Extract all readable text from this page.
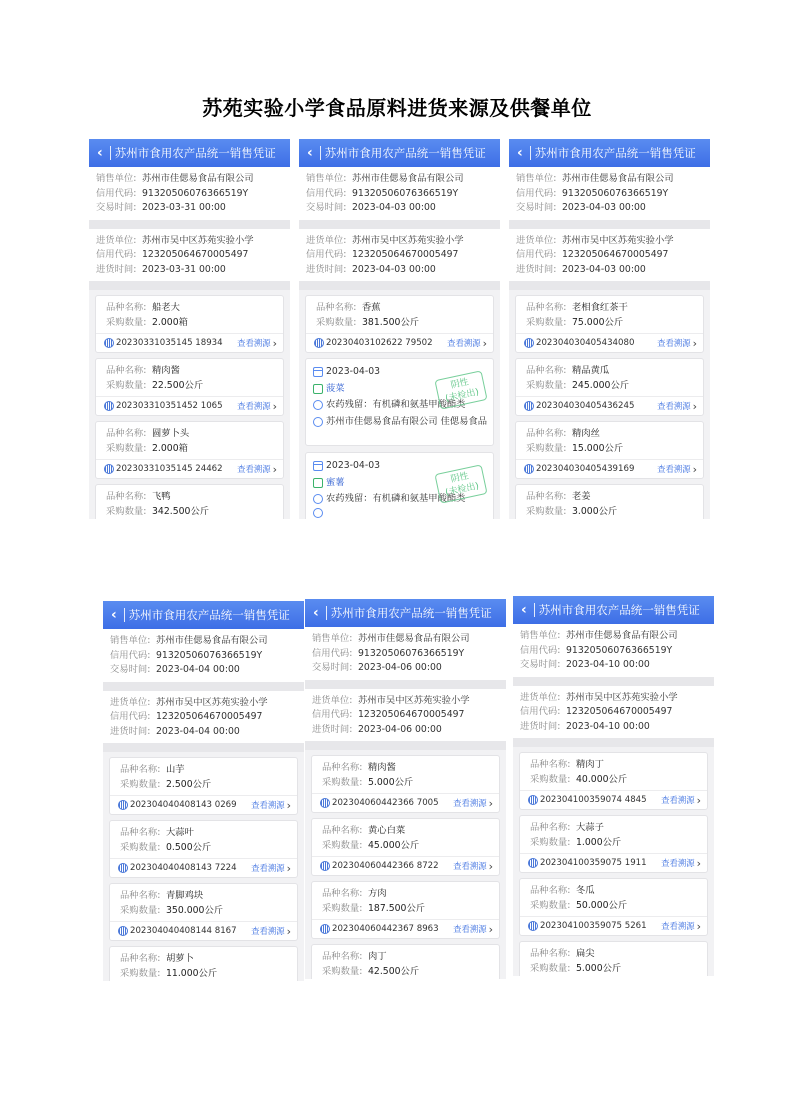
苏苑实验小学食品原料进货来源及供餐单位
‹ 苏州市食用农产品统一销售凭证
销售单位: 苏州市佳偲易食品有限公司
信用代码: 91320506076366519Y
交易时间: 2023-03-31 00:00
进货单位: 苏州市吴中区苏苑实验小学
信用代码: 123205064670005497
进货时间: 2023-03-31 00:00
品种名称: 船老大
采购数量: 2.000箱
20230331035145 18934	查看溯源 ›
品种名称: 精肉酱
采购数量: 22.500公斤
202303310351452 1065	查看溯源 ›
品种名称: 圆萝卜头
采购数量: 2.000箱
20230331035145 24462	查看溯源 ›
品种名称: 飞鸭
采购数量: 342.500公斤
‹ 苏州市食用农产品统一销售凭证
销售单位: 苏州市佳偲易食品有限公司
信用代码: 91320506076366519Y
交易时间: 2023-04-03 00:00
进货单位: 苏州市吴中区苏苑实验小学
信用代码: 123205064670005497
进货时间: 2023-04-03 00:00
品种名称: 香蕉
采购数量: 381.500公斤
20230403102622 79502	查看溯源 ›
2023-04-03
菠菜
农药残留：有机磷和氨基甲酸酯类
苏州市佳偲易食品有限公司 佳偲易食品
阴性
(未检出)
2023-04-03
蜜薯
农药残留：有机磷和氨基甲酸酯类
阴性
(未检出)
‹ 苏州市食用农产品统一销售凭证
销售单位: 苏州市佳偲易食品有限公司
信用代码: 91320506076366519Y
交易时间: 2023-04-03 00:00
进货单位: 苏州市吴中区苏苑实验小学
信用代码: 123205064670005497
进货时间: 2023-04-03 00:00
品种名称: 老相食红茶干
采购数量: 75.000公斤
202304030405434080	查看溯源 ›
品种名称: 精品黄瓜
采购数量: 245.000公斤
202304030405436245	查看溯源 ›
品种名称: 精肉丝
采购数量: 15.000公斤
202304030405439169	查看溯源 ›
品种名称: 老姜
采购数量: 3.000公斤
‹ 苏州市食用农产品统一销售凭证
销售单位: 苏州市佳偲易食品有限公司
信用代码: 91320506076366519Y
交易时间: 2023-04-04 00:00
进货单位: 苏州市吴中区苏苑实验小学
信用代码: 123205064670005497
进货时间: 2023-04-04 00:00
品种名称: 山芋
采购数量: 2.500公斤
202304040408143 0269	查看溯源 ›
品种名称: 大蒜叶
采购数量: 0.500公斤
202304040408143 7224	查看溯源 ›
品种名称: 青脚鸡块
采购数量: 350.000公斤
202304040408144 8167	查看溯源 ›
品种名称: 胡萝卜
采购数量: 11.000公斤
‹ 苏州市食用农产品统一销售凭证
销售单位: 苏州市佳偲易食品有限公司
信用代码: 91320506076366519Y
交易时间: 2023-04-06 00:00
进货单位: 苏州市吴中区苏苑实验小学
信用代码: 123205064670005497
进货时间: 2023-04-06 00:00
品种名称: 精肉酱
采购数量: 5.000公斤
202304060442366 7005	查看溯源 ›
品种名称: 黄心白菜
采购数量: 45.000公斤
202304060442366 8722	查看溯源 ›
品种名称: 方肉
采购数量: 187.500公斤
202304060442367 8963	查看溯源 ›
品种名称: 肉丁
采购数量: 42.500公斤
‹ 苏州市食用农产品统一销售凭证
销售单位: 苏州市佳偲易食品有限公司
信用代码: 91320506076366519Y
交易时间: 2023-04-10 00:00
进货单位: 苏州市吴中区苏苑实验小学
信用代码: 123205064670005497
进货时间: 2023-04-10 00:00
品种名称: 精肉丁
采购数量: 40.000公斤
202304100359074 4845	查看溯源 ›
品种名称: 大蒜子
采购数量: 1.000公斤
202304100359075 1911	查看溯源 ›
品种名称: 冬瓜
采购数量: 50.000公斤
202304100359075 5261	查看溯源 ›
品种名称: 扁尖
采购数量: 5.000公斤
